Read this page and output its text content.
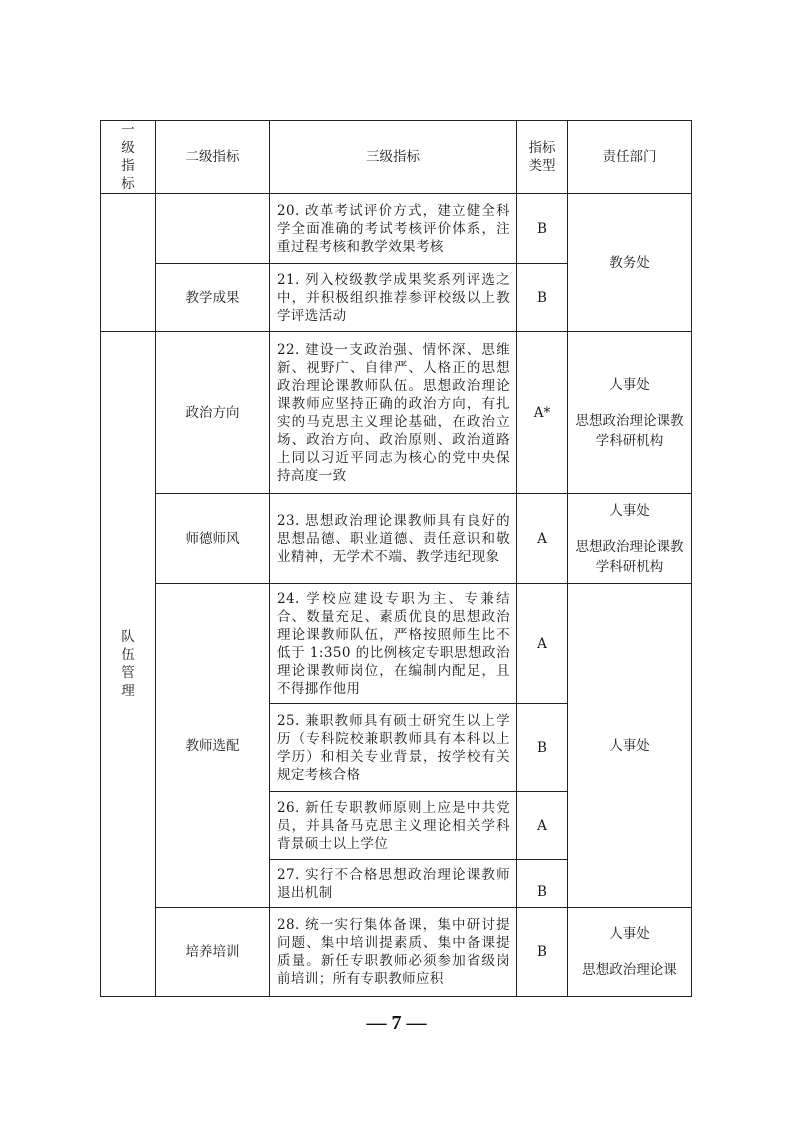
一级指标	二级指标	三级指标	指标类型	责任部门
		20. 改革考试评价方式，建立健全科学全面准确的考试考核评价体系，注重过程考核和教学效果考核	B	教务处
	教学成果	21. 列入校级教学成果奖系列评选之中，并积极组织推荐参评校级以上教学评选活动	B	
队伍管理	政治方向	22. 建设一支政治强、情怀深、思维新、视野广、自律严、人格正的思想政治理论课教师队伍。思想政治理论课教师应坚持正确的政治方向，有扎实的马克思主义理论基础，在政治立场、政治方向、政治原则、政治道路上同以习近平同志为核心的党中央保持高度一致	A*	人事处
思想政治理论课教学科研机构

	师德师风	23. 思想政治理论课教师具有良好的思想品德、职业道德、责任意识和敬业精神，无学术不端、教学违纪现象	A	人事处
思想政治理论课教学科研机构

	教师选配	24. 学校应建设专职为主、专兼结合、数量充足、素质优良的思想政治理论课教师队伍，严格按照师生比不低于 1:350 的比例核定专职思想政治理论课教师岗位，在编制内配足，且不得挪作他用	A	人事处
		25. 兼职教师具有硕士研究生以上学历（专科院校兼职教师具有本科以上学历）和相关专业背景，按学校有关规定考核合格	B	
		26. 新任专职教师原则上应是中共党员，并具备马克思主义理论相关学科背景硕士以上学位	A	
		27. 实行不合格思想政治理论课教师退出机制	B	
	培养培训	28. 统一实行集体备课，集中研讨提问题、集中培训提素质、集中备课提质量。新任专职教师必须参加省级岗前培训；所有专职教师应积	B	人事处
思想政治理论课
— 7 —
